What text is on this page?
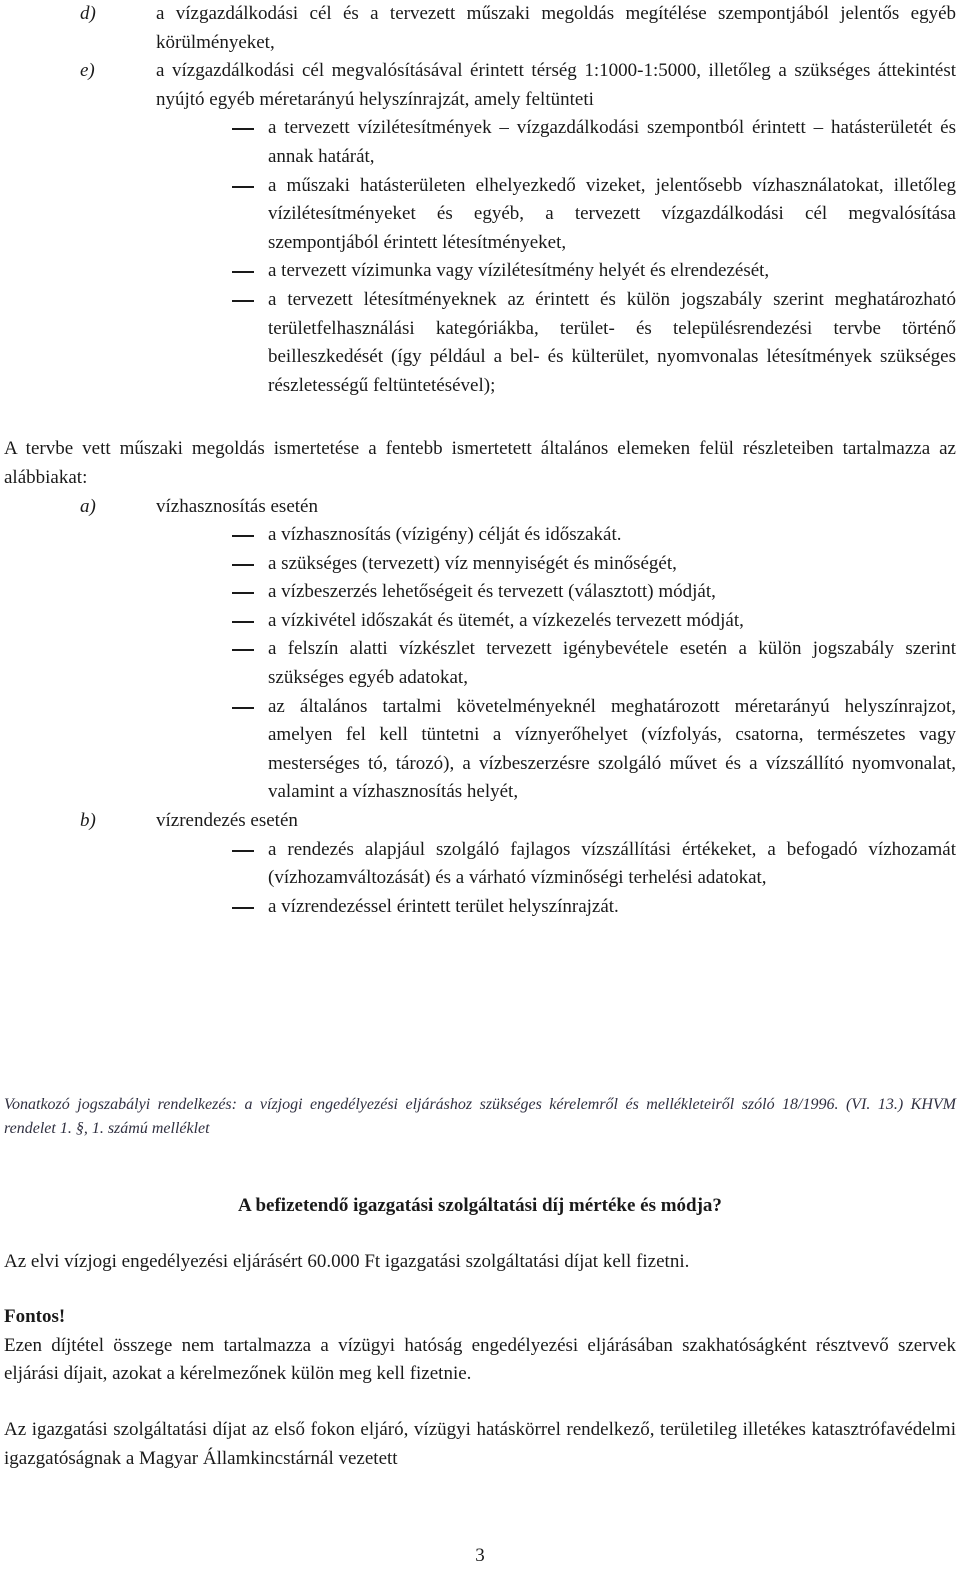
d)	a vízgazdálkodási cél és a tervezett műszaki megoldás megítélése szempontjából jelentős egyéb körülményeket,
e)	a vízgazdálkodási cél megvalósításával érintett térség 1:1000-1:5000, illetőleg a szükséges áttekintést nyújtó egyéb méretarányú helyszínrajzát, amely feltünteti
a tervezett vízilétesítmények – vízgazdálkodási szempontból érintett – hatásterületét és annak határát,
a műszaki hatásterületen elhelyezkedő vizeket, jelentősebb vízhasználatokat, illetőleg vízilétesítményeket és egyéb, a tervezett vízgazdálkodási cél megvalósítása szempontjából érintett létesítményeket,
a tervezett vízimunka vagy vízilétesítmény helyét és elrendezését,
a tervezett létesítményeknek az érintett és külön jogszabály szerint meghatározható területfelhasználási kategóriákba, terület- és településrendezési tervbe történő beilleszkedését (így például a bel- és külterület, nyomvonalas létesítmények szükséges részletességű feltüntetésével);
A tervbe vett műszaki megoldás ismertetése a fentebb ismertetett általános elemeken felül részleteiben tartalmazza az alábbiakat:
a)	vízhasznosítás esetén
a vízhasznosítás (vízigény) célját és időszakát.
a szükséges (tervezett) víz mennyiségét és minőségét,
a vízbeszerzés lehetőségeit és tervezett (választott) módját,
a vízkivétel időszakát és ütemét, a vízkezelés tervezett módját,
a felszín alatti vízkészlet tervezett igénybevétele esetén a külön jogszabály szerint szükséges egyéb adatokat,
az általános tartalmi követelményeknél meghatározott méretarányú helyszínrajzot, amelyen fel kell tüntetni a víznyerőhelyet (vízfolyás, csatorna, természetes vagy mesterséges tó, tározó), a vízbeszerzésre szolgáló művet és a vízszállító nyomvonalat, valamint a vízhasznosítás helyét,
b)	vízrendezés esetén
a rendezés alapjául szolgáló fajlagos vízszállítási értékeket, a befogadó vízhozamát (vízhozamváltozását) és a várható vízminőségi terhelési adatokat,
a vízrendezéssel érintett terület helyszínrajzát.
Vonatkozó jogszabályi rendelkezés: a vízjogi engedélyezési eljáráshoz szükséges kérelemről és mellékleteiről szóló 18/1996. (VI. 13.) KHVM rendelet 1. §, 1. számú melléklet
A befizetendő igazgatási szolgáltatási díj mértéke és módja?
Az elvi vízjogi engedélyezési eljárásért 60.000 Ft igazgatási szolgáltatási díjat kell fizetni.
Fontos!
Ezen díjtétel összege nem tartalmazza a vízügyi hatóság engedélyezési eljárásában szakhatóságként résztvevő szervek eljárási díjait, azokat a kérelmezőnek külön meg kell fizetnie.
Az igazgatási szolgáltatási díjat az első fokon eljáró, vízügyi hatáskörrel rendelkező, területileg illetékes katasztrófavédelmi igazgatóságnak a Magyar Államkincstárnál vezetett
3
